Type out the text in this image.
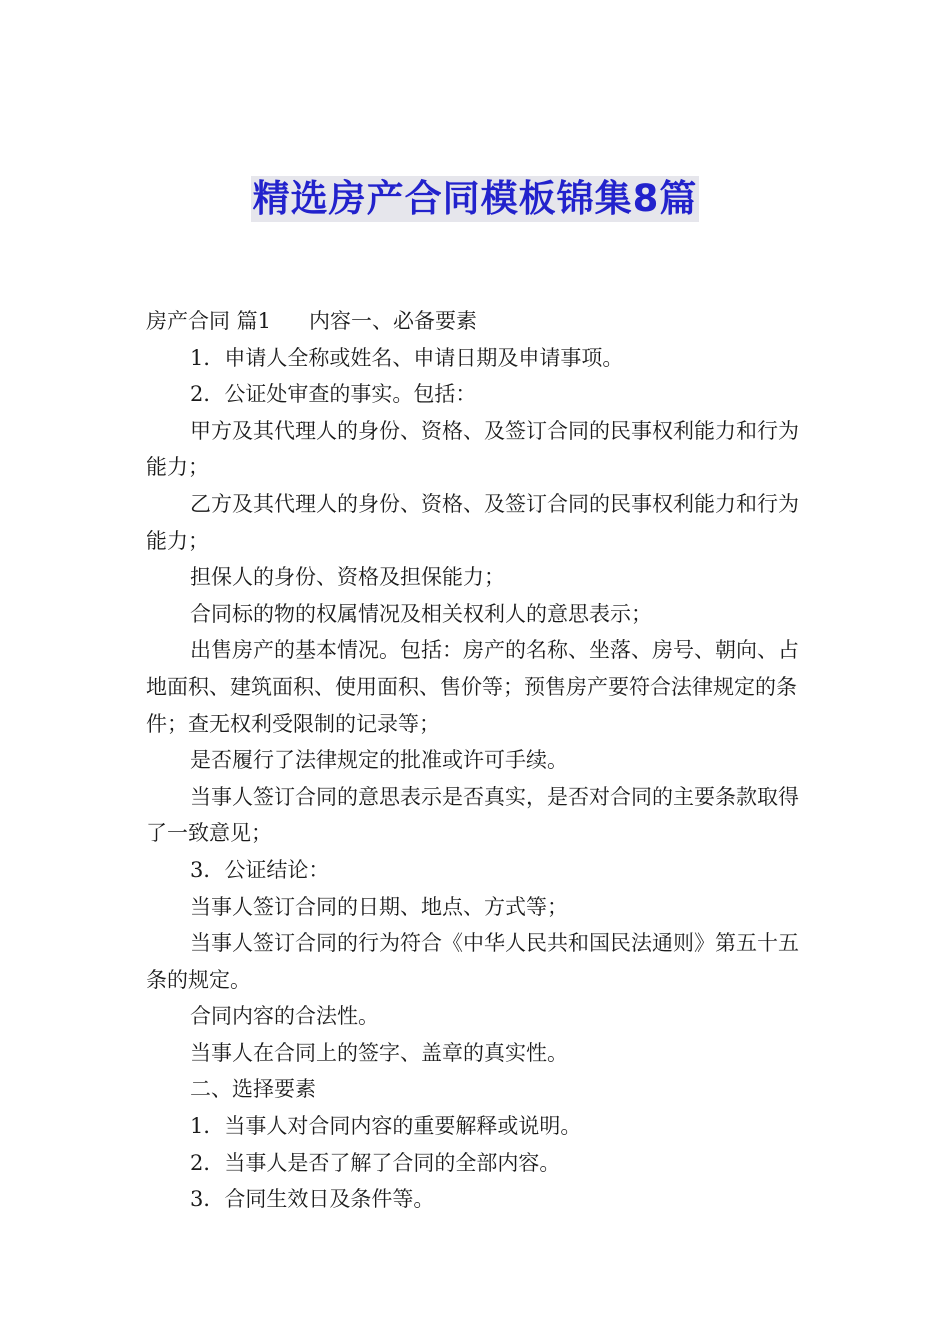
精选房产合同模板锦集8篇

房产合同 篇1 内容一、必备要素

1．申请人全称或姓名、申请日期及申请事项。

2．公证处审查的事实。包括：

甲方及其代理人的身份、资格、及签订合同的民事权利能力和行为能力；

乙方及其代理人的身份、资格、及签订合同的民事权利能力和行为能力；

担保人的身份、资格及担保能力；

合同标的物的权属情况及相关权利人的意思表示；

出售房产的基本情况。包括：房产的名称、坐落、房号、朝向、占地面积、建筑面积、使用面积、售价等；预售房产要符合法律规定的条件；查无权利受限制的记录等；

是否履行了法律规定的批准或许可手续。

当事人签订合同的意思表示是否真实，是否对合同的主要条款取得了一致意见；

3．公证结论：

当事人签订合同的日期、地点、方式等；

当事人签订合同的行为符合《中华人民共和国民法通则》第五十五条的规定。

合同内容的合法性。

当事人在合同上的签字、盖章的真实性。

二、选择要素

1．当事人对合同内容的重要解释或说明。

2．当事人是否了解了合同的全部内容。

3．合同生效日及条件等。
